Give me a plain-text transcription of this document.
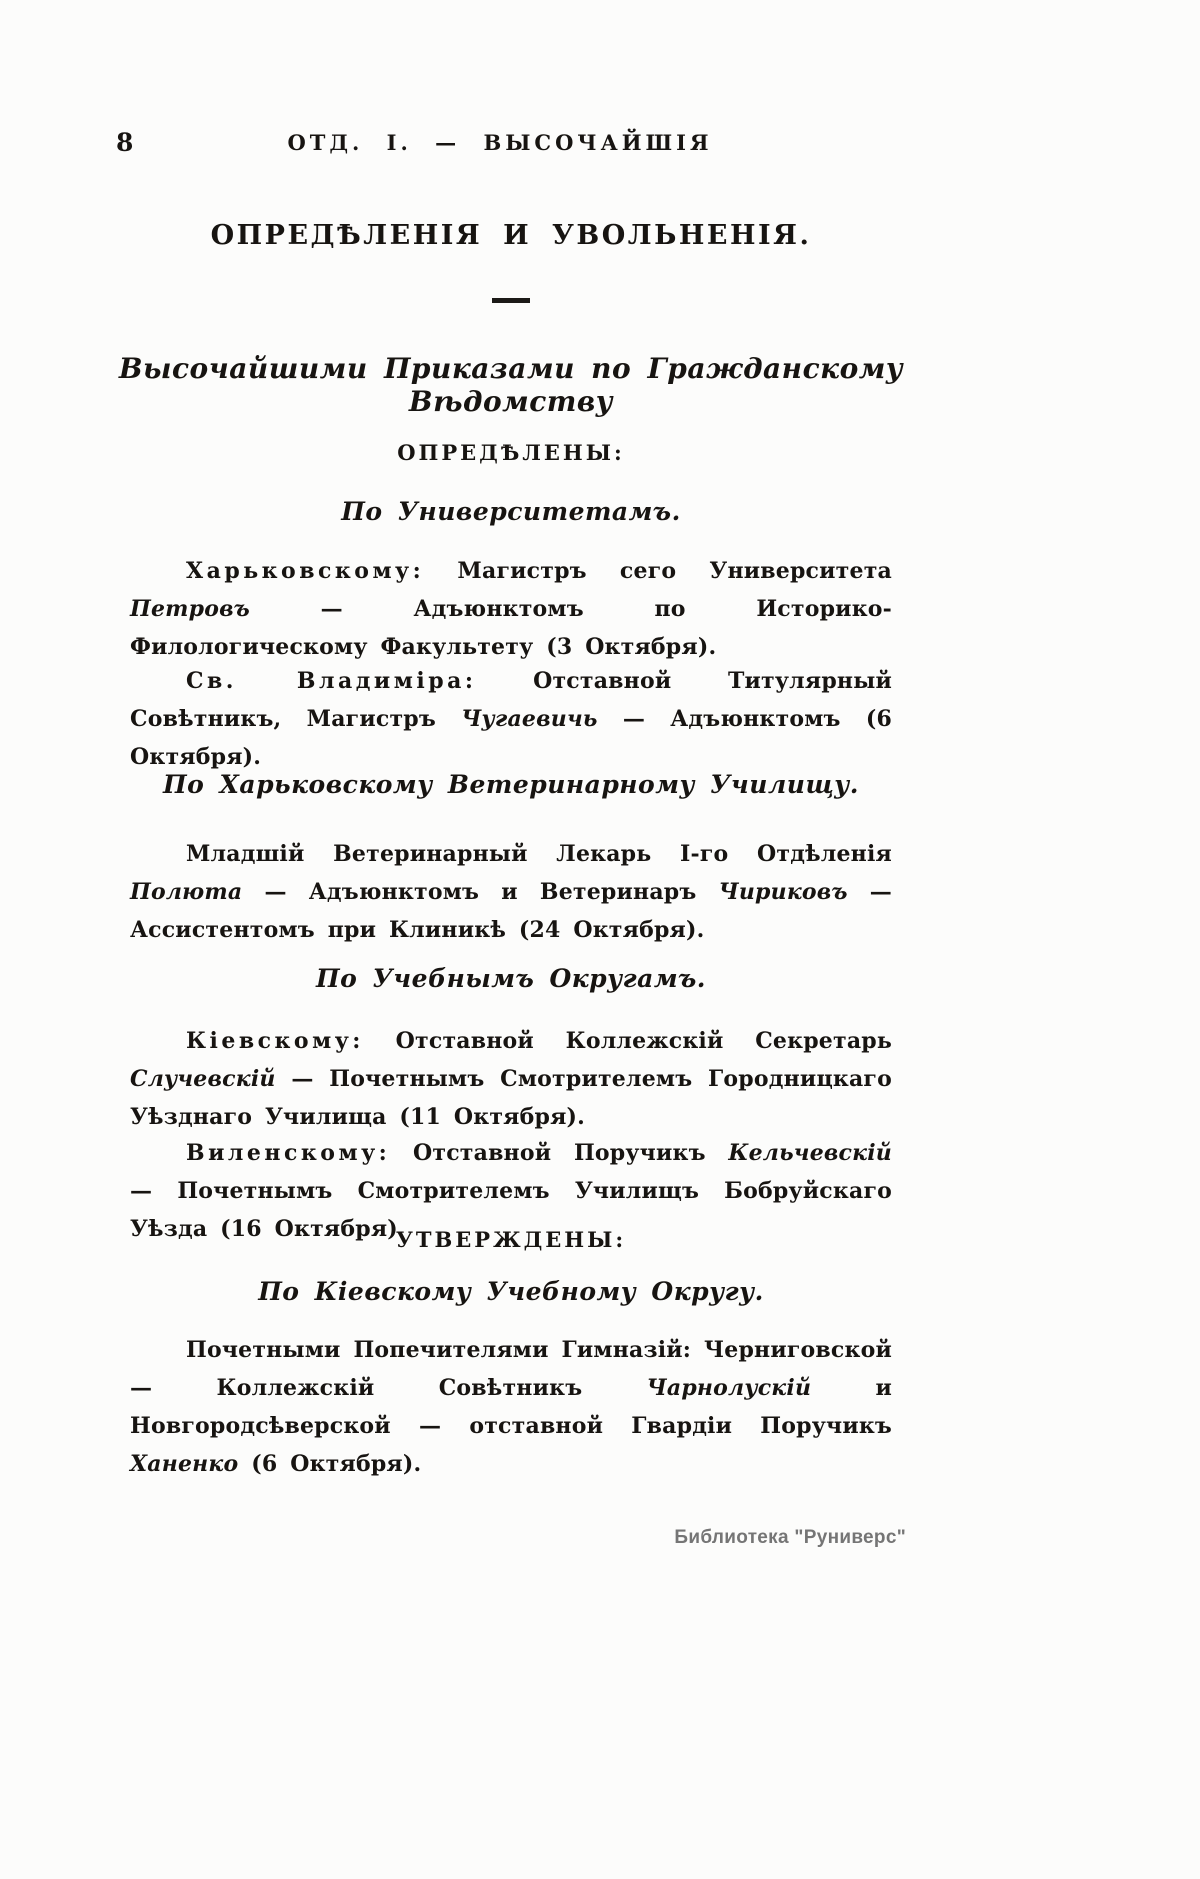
8	ОТД. I. — ВЫСОЧАЙШІЯ
ОПРЕДѢЛЕНІЯ И УВОЛЬНЕНІЯ.
Высочайшими Приказами по Гражданскому Вѣдомству
ОПРЕДѢЛЕНЫ:
По Университетамъ.

Харьковскому: Магистръ сего Университета Петровъ — Адъюнктомъ по Историко-Филологическому Факультету (3 Октября).

Св. Владиміра: Отставной Титулярный Совѣтникъ, Магистръ Чугаевичь — Адъюнктомъ (6 Октября).

По Харьковскому Ветеринарному Училищу.

Младшій Ветеринарный Лекарь I-го Отдѣленія Полюта — Адъюнктомъ и Ветеринаръ Чириковъ — Ассистентомъ при Клиникѣ (24 Октября).

По Учебнымъ Округамъ.

Кіевскому: Отставной Коллежскій Секретарь Случевскій — Почетнымъ Смотрителемъ Городницкаго Уѣзднаго Училища (11 Октября).

Виленскому: Отставной Поручикъ Кельчевскій — Почетнымъ Смотрителемъ Училищъ Бобруйскаго Уѣзда (16 Октября)

УТВЕРЖДЕНЫ:
По Кіевскому Учебному Округу.

Почетными Попечителями Гимназій: Черниговской — Коллежскій Совѣтникъ Чарнолускій и Новгородсѣверской — отставной Гвардіи Поручикъ Ханенко (6 Октября).

Библиотека "Руниверс"
